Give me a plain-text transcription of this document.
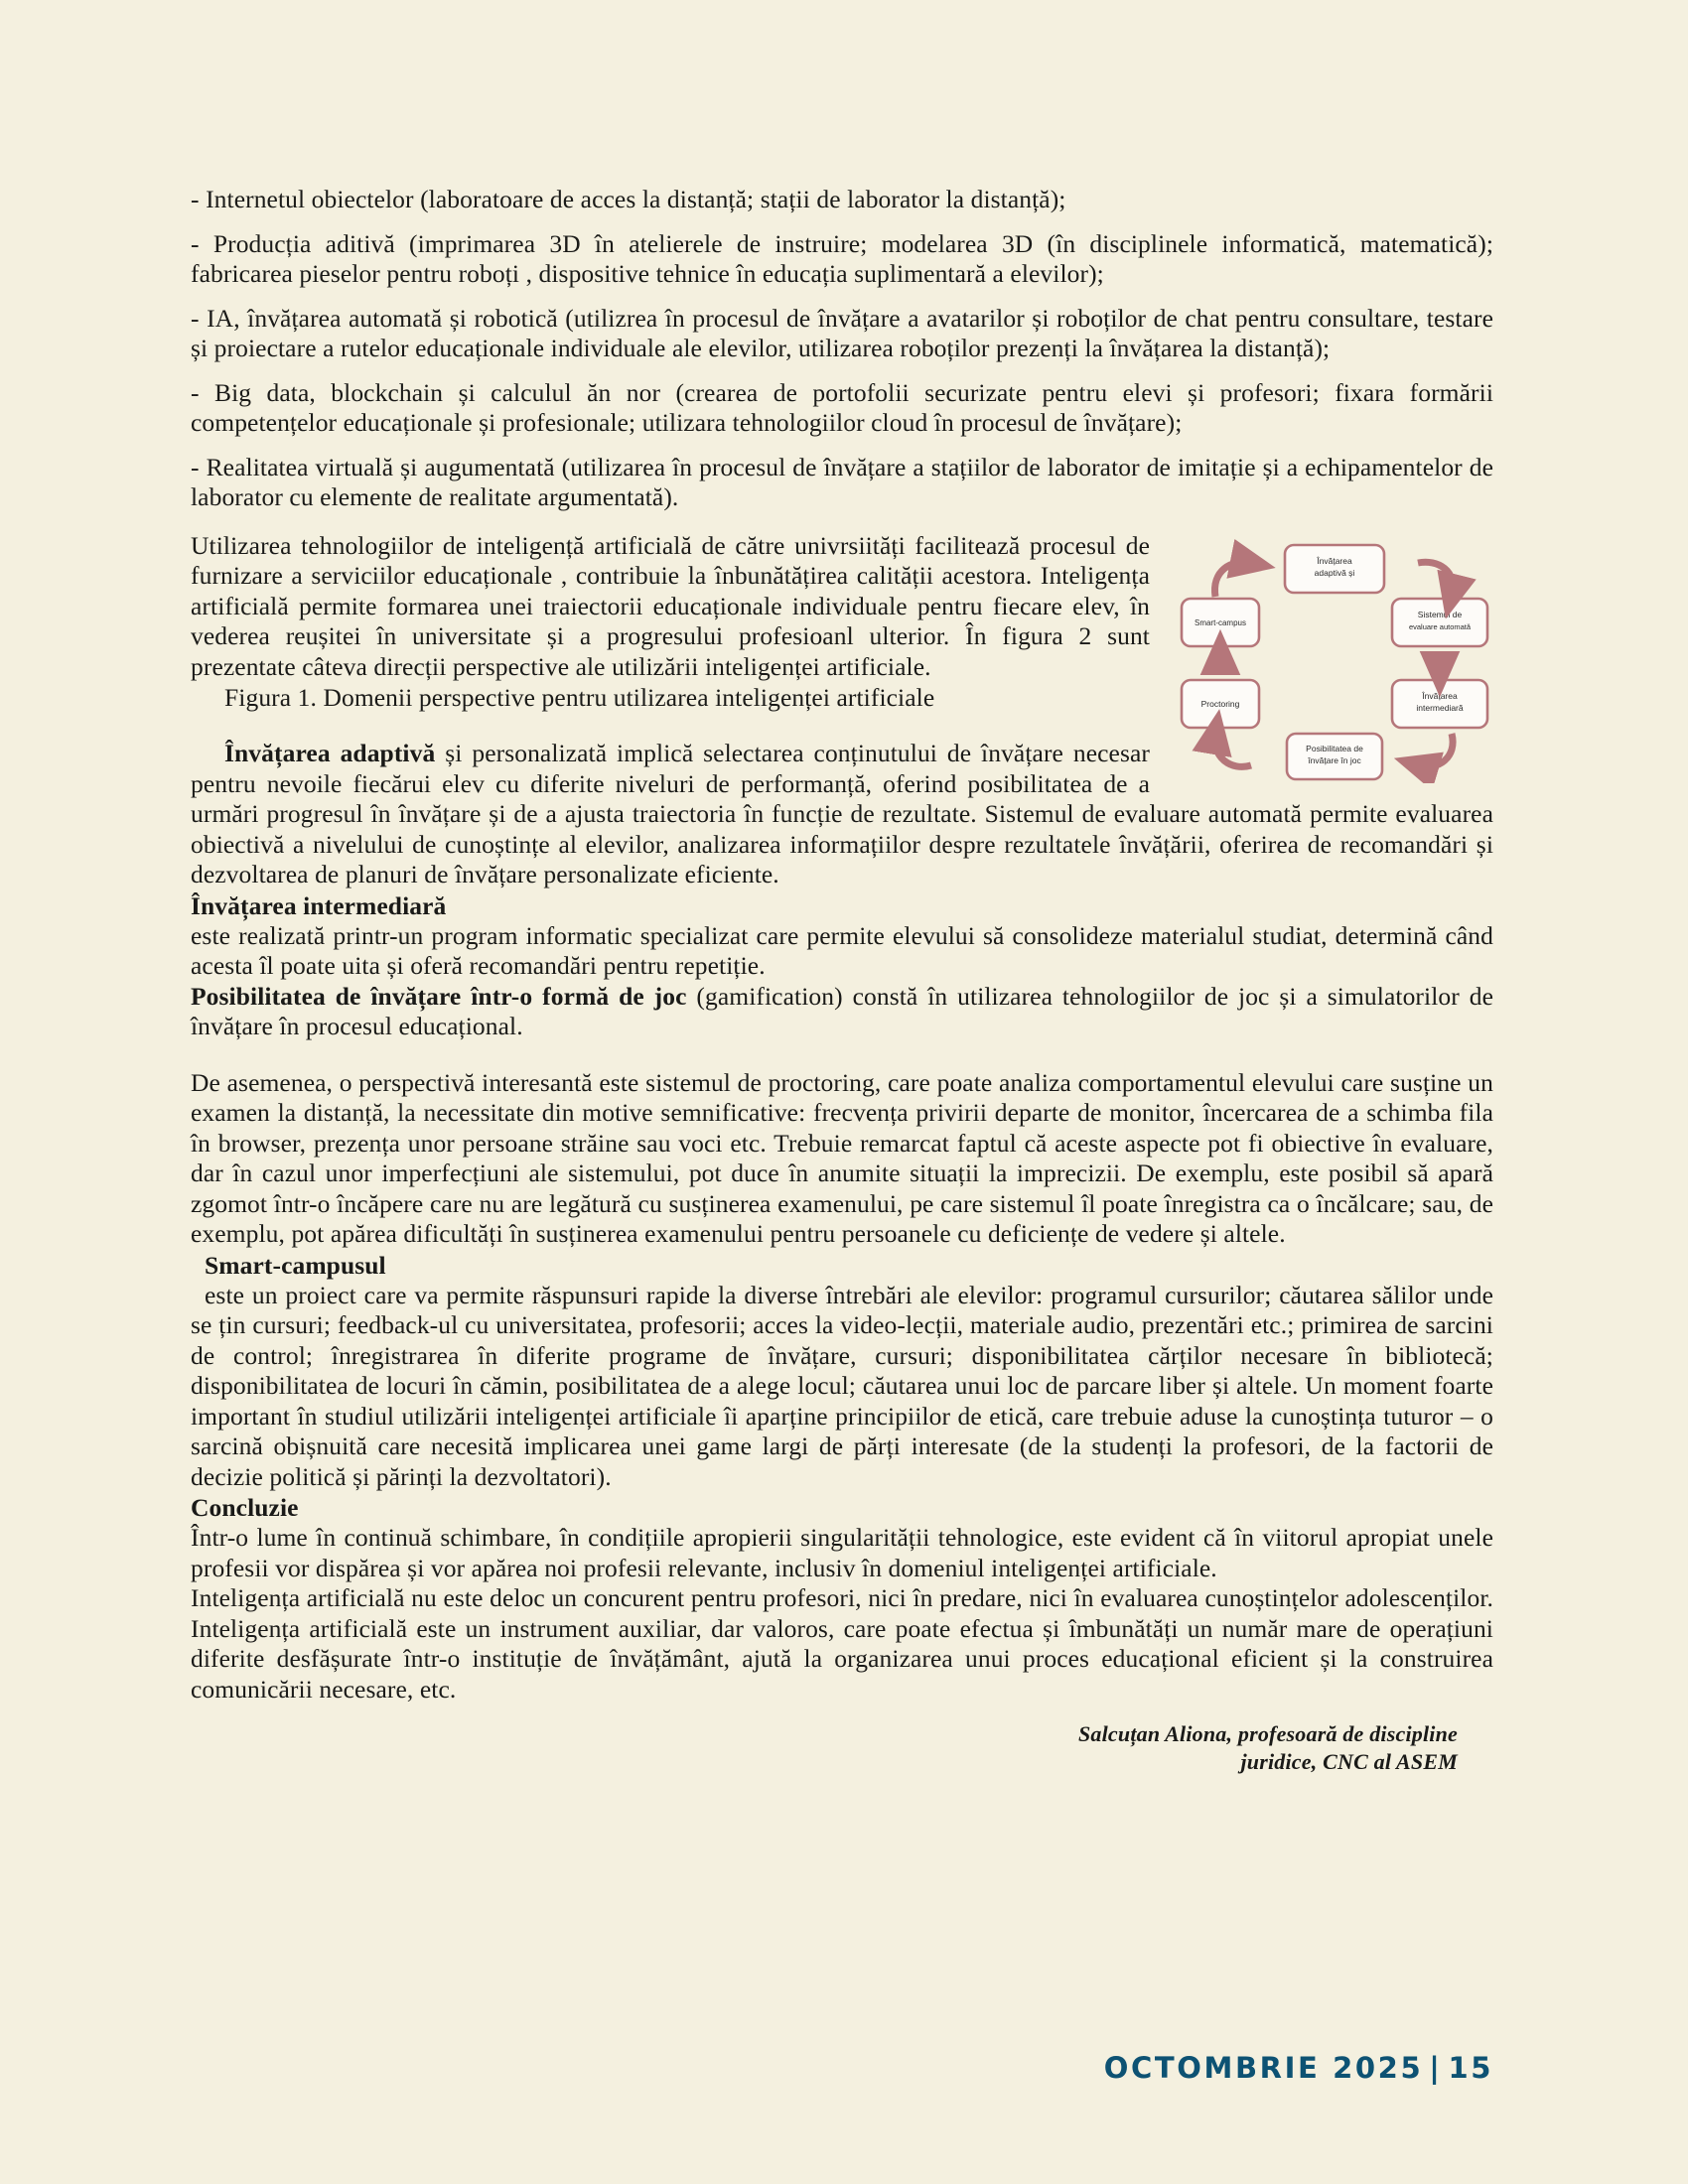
- Internetul obiectelor (laboratoare de acces la distanță; stații de laborator la distanță);

- Producția aditivă (imprimarea 3D în atelierele de instruire; modelarea 3D (în disciplinele informatică, matematică); fabricarea pieselor pentru roboți , dispositive tehnice în educația suplimentară a elevilor);

- IA, învățarea automată și robotică (utilizrea în procesul de învățare a avatarilor și roboților de chat pentru consultare, testare și proiectare a rutelor educaționale individuale ale elevilor, utilizarea roboților prezenți la învățarea la distanță);

- Big data, blockchain și calculul ăn nor (crearea de portofolii securizate pentru elevi și profesori; fixara formării competențelor educaționale și profesionale; utilizara tehnologiilor cloud în procesul de învățare);

- Realitatea virtuală și augumentată (utilizarea în procesul de învățare a stațiilor de laborator de imitație și a echipamentelor de laborator cu elemente de realitate argumentată).

Învățarea
adaptivă și
Sistemul de
evaluare automată
Învățarea
intermediară
Posibilitatea de
învățare în joc
Proctoring
Smart-campus

Utilizarea tehnologiilor de inteligență artificială de către univrsiități facilitează procesul de furnizare a serviciilor educaționale , contribuie la înbunătățirea calității acestora. Inteligența artificială permite formarea unei traiectorii educaționale individuale pentru fiecare elev, în vederea reușitei în universitate și a progresului profesioanl ulterior. În figura 2 sunt prezentate câteva direcții perspective ale utilizării inteligenței artificiale.

Figura 1. Domenii perspective pentru utilizarea inteligenței artificiale

Învățarea adaptivă și personalizată implică selectarea conținutului de învățare necesar pentru nevoile fiecărui elev cu diferite niveluri de performanță, oferind posibilitatea de a urmări progresul în învățare și de a ajusta traiectoria în funcție de rezultate. Sistemul de evaluare automată permite evaluarea obiectivă a nivelului de cunoștințe al elevilor, analizarea informațiilor despre rezultatele învățării, oferirea de recomandări și dezvoltarea de planuri de învățare personalizate eficiente.

Învățarea intermediară

este realizată printr-un program informatic specializat care permite elevului să consolideze materialul studiat, determină când acesta îl poate uita și oferă recomandări pentru repetiție.

Posibilitatea de învățare într-o formă de joc (gamification) constă în utilizarea tehnologiilor de joc și a simulatorilor de învățare în procesul educațional.

De asemenea, o perspectivă interesantă este sistemul de proctoring, care poate analiza comportamentul elevului care susține un examen la distanță, la necessitate din motive semnificative: frecvența privirii departe de monitor, încercarea de a schimba fila în browser, prezența unor persoane străine sau voci etc. Trebuie remarcat faptul că aceste aspecte pot fi obiective în evaluare, dar în cazul unor imperfecțiuni ale sistemului, pot duce în anumite situații la imprecizii. De exemplu, este posibil să apară zgomot într-o încăpere care nu are legătură cu susținerea examenului, pe care sistemul îl poate înregistra ca o încălcare; sau, de exemplu, pot apărea dificultăți în susținerea examenului pentru persoanele cu deficiențe de vedere și altele.

Smart-campusul

este un proiect care va permite răspunsuri rapide la diverse întrebări ale elevilor: programul cursurilor; căutarea sălilor unde se țin cursuri; feedback-ul cu universitatea, profesorii; acces la video-lecții, materiale audio, prezentări etc.; primirea de sarcini de control; înregistrarea în diferite programe de învățare, cursuri; disponibilitatea cărților necesare în bibliotecă; disponibilitatea de locuri în cămin, posibilitatea de a alege locul; căutarea unui loc de parcare liber și altele. Un moment foarte important în studiul utilizării inteligenței artificiale îi aparține principiilor de etică, care trebuie aduse la cunoștința tuturor – o sarcină obișnuită care necesită implicarea unei game largi de părți interesate (de la studenți la profesori, de la factorii de decizie politică și părinți la dezvoltatori).

Concluzie

Într-o lume în continuă schimbare, în condițiile apropierii singularității tehnologice, este evident că în viitorul apropiat unele profesii vor dispărea și vor apărea noi profesii relevante, inclusiv în domeniul inteligenței artificiale.

Inteligența artificială nu este deloc un concurent pentru profesori, nici în predare, nici în evaluarea cunoștințelor adolescenților. Inteligența artificială este un instrument auxiliar, dar valoros, care poate efectua și îmbunătăți un număr mare de operațiuni diferite desfășurate într-o instituție de învățământ, ajută la organizarea unui proces educațional eficient și la construirea comunicării necesare, etc.

Salcuțan Aliona, profesoară de discipline
juridice, CNC al ASEM
OCTOMBRIE 2025 | 15
